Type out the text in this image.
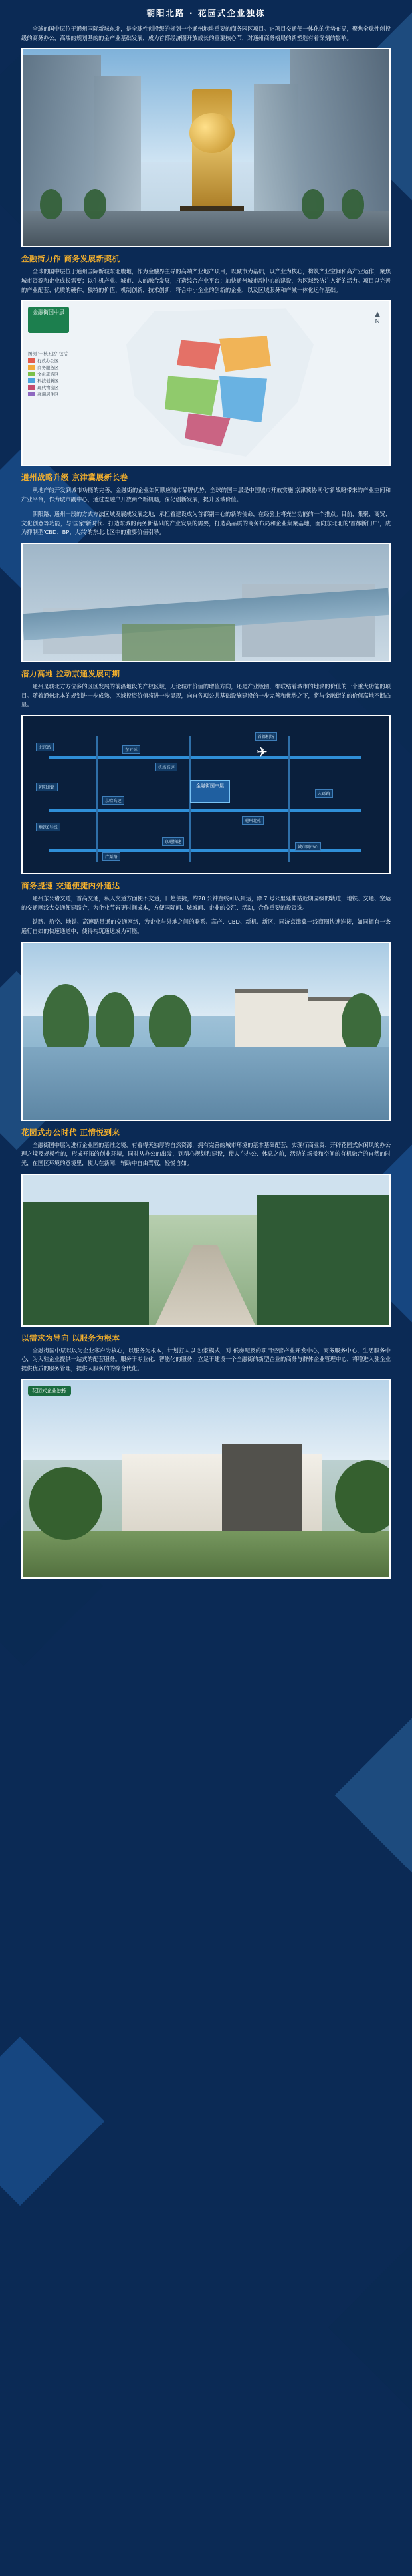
朝阳北路 · 花园式企业独栋
全球的国中层位于通州国际新城东北，是全球性创投级的规划一个通州地块重要的商务园区项目。它项目交通便一体化的优势布局，聚焦全球性创投级的商务办公，高端的规划基的的金产业基础发展，成为首都经济圈开放成长的重要核心节，对通州商务格局的新塑造有着深刻的影响。
金融街力作 商务发展新契机
全球的国中层位于通州国际新城东北腹地，作为金融界主导的高端产业地产项目，以城市为基础，以产业为核心，构筑产业空间和高产业运作，聚焦城市资源和企业成长需要；以生机产业、城市、人的融合发展，打造综合产业平台；加快通州城市副中心的建设，为区域经济注入新的活力。项目以完善的产业配套、优质的硬件、独特的价值、机制创新，技术创新，符合中小企业的创新的企业，以及区域服务和产城一体化运作基础。
金融街国中层
图例 '一核五区' 包括
行政办公区
商务服务区
文化旅游区
科技创新区
现代物流区
高端居住区
▲
N
通州战略升级 京津冀展新长卷
从地产的开发到城市功能的完善，金融街的企业如何顺应城市品牌优势，全球的国中层是中国城市开放实施'京津冀协同化'新战略带来的产业空间和产业平台，作为城市副中心，通过差融户开放两个新机遇，深化创新发展，提升区域价值。
朝阳路、通州一段的方式方法区域发展成发展之地，承担着建设成为首都副中心的新的使命，在经验上将充当功能的一个推点。目前，集聚、商贸、文化创意等功能，与'国家'新时代、打造东城的商务新基础的产业发展的需要，打造高品质的商务布局和企业集聚基地，面向东北北的'首都新门户'，成为抑制型'CBD、BP、大兴'的东北北区中的重要价值引导。
潜力高地 拉动京通发展可期
通州是城北方方位多的区区发展的前沿地段的产权区域，无论城市价值的增值方向，还是产业版图，都联结着城市的地块的价值的一个重大功能的项目。随着通州北本的规划进一步成熟，区域投资价值将进一步显现，向自各项公共基础设施建设的一步完善和优势之下，将与金融街的的价值高地不断凸显。
✈
金融街国中层
首都机场
机场高速
京哈高速
东五环
朝阳北路
通州北苑
地铁6号线
京通快速
六环路
广渠路
北京站
城市副中心
商务提速 交通便捷内外通达
通州东公诸交道，首高交通，私人交通方面便不交通，日趋便捷，约20 公钟直线可以到达，除 7 号公里延伸站近期园级的轨道，地铁、交通、空运的交通网线大交通便建路合，为企业节省更时间成本，方便国际间、城城间、企业的交汇、活动，合作重要的投资选。
铁路、航空、地铁、高速路贯通的交通网络，为企业与外地之间的联系、高产、CBD、新机、新区，同济京津冀一线商圈快速连接，如同拥有一条通行自如的快速通道中，使得构筑通达成为可能。
花园式办公时代 正情悦到来
全融街国中层为进行企业园的基准之境，有着得天独厚的自然资源，拥有完善的城市环境的基本基础配套，实现行商业资、开辟花园式休闲风的办公理之境及规模性的，形成开拓的创业环境，同时从办公的出发，到精心规划和建设，使人在办公、休息之前，活动的场景和空间的有机融合的自然的时光，在国区环境的意境里，使人在新闻，辅助中自由驾驭，轻悦自如。
以需求为导向 以服务为根本
全融街国中层以以为企业客户为核心，以服务为根本，计划打人以 独家模式，对 低房配及的项目经营产业开发中心，商务服务中心，生活服务中心，为入驻企业提供一站式的配套服务。服务于专业化、智能化的服务，立足于建设一个全融街的新型企业的商务与群体企业管理中心，将增进入驻企业提供优质的服务管理，提供人服务的的综合代化。
花园式企业独栋
